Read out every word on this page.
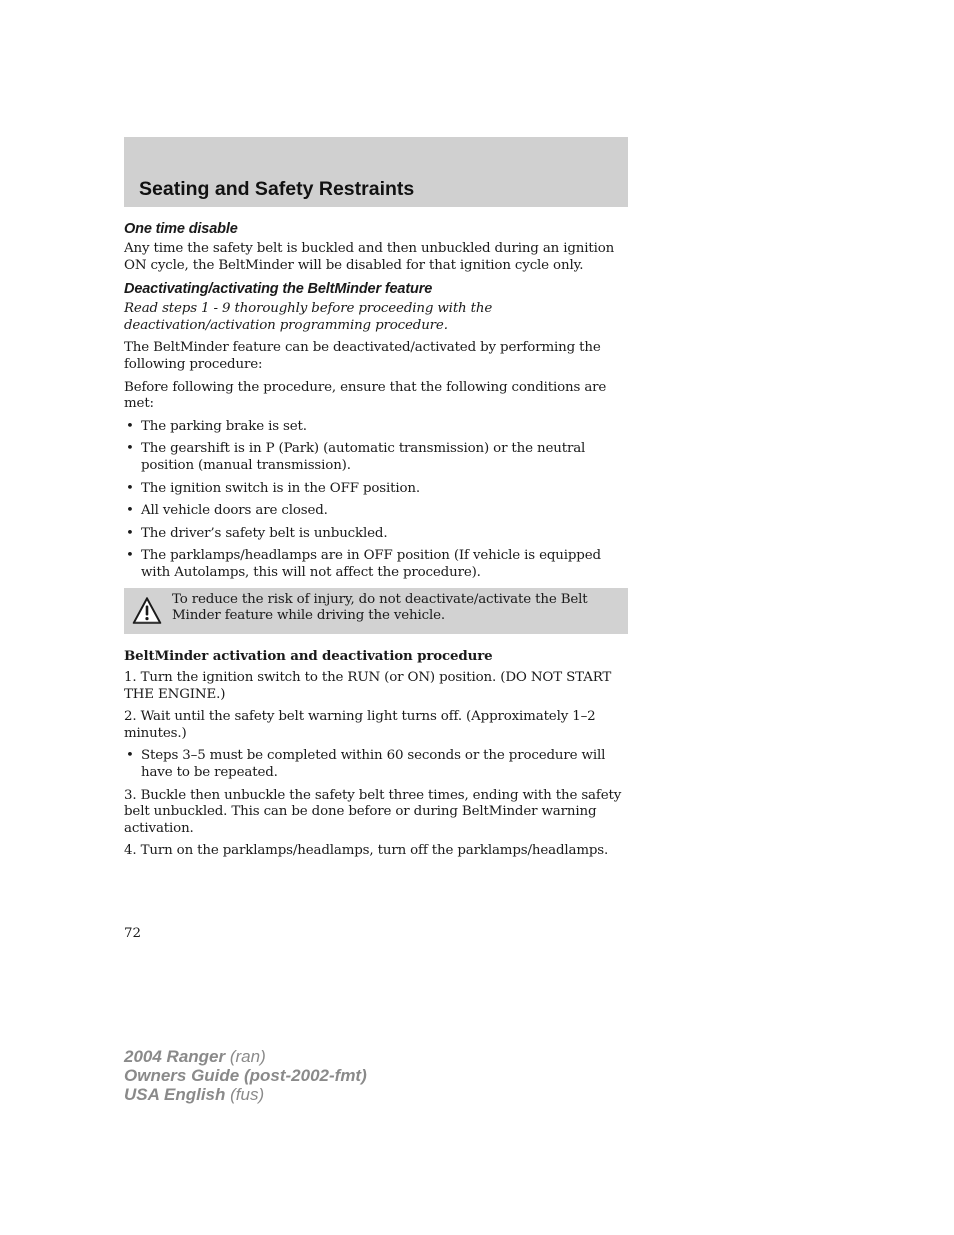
Seating and Safety Restraints
One time disable

Any time the safety belt is buckled and then unbuckled during an ignition ON cycle, the BeltMinder will be disabled for that ignition cycle only.

Deactivating/activating the BeltMinder feature

Read steps 1 - 9 thoroughly before proceeding with the deactivation/activation programming procedure.

The BeltMinder feature can be deactivated/activated by performing the following procedure:

Before following the procedure, ensure that the following conditions are met:

• The parking brake is set.
• The gearshift is in P (Park) (automatic transmission) or the neutral position (manual transmission).
• The ignition switch is in the OFF position.
• All vehicle doors are closed.
• The driver’s safety belt is unbuckled.
• The parklamps/headlamps are in OFF position (If vehicle is equipped with Autolamps, this will not affect the procedure).
To reduce the risk of injury, do not deactivate/activate the Belt Minder feature while driving the vehicle.
BeltMinder activation and deactivation procedure

1. Turn the ignition switch to the RUN (or ON) position. (DO NOT START THE ENGINE.)

2. Wait until the safety belt warning light turns off. (Approximately 1–2 minutes.)

• Steps 3–5 must be completed within 60 seconds or the procedure will have to be repeated.

3. Buckle then unbuckle the safety belt three times, ending with the safety belt unbuckled. This can be done before or during BeltMinder warning activation.

4. Turn on the parklamps/headlamps, turn off the parklamps/headlamps.

72
2004 Ranger (ran)
Owners Guide (post-2002-fmt)
USA English (fus)
